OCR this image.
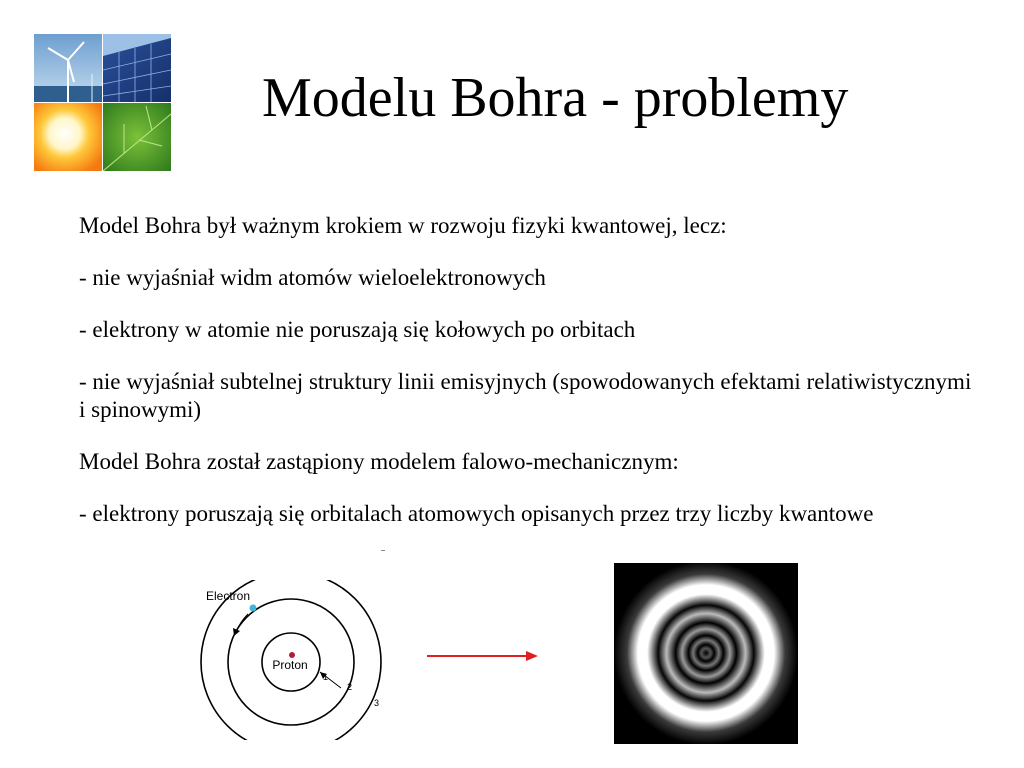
Modelu Bohra - problemy

Model Bohra był ważnym krokiem w rozwoju fizyki kwantowej, lecz:

- nie wyjaśniał widm atomów wieloelektronowych

- elektrony w atomie nie poruszają się kołowych po orbitach

- nie wyjaśniał subtelnej struktury linii emisyjnych (spowodowanych efektami relatiwistycznymi i spinowymi)

Model Bohra został zastąpiony modelem falowo-mechanicznym:

- elektrony poruszają się orbitalach atomowych opisanych przez trzy liczby kwantowe

Proton
Electron
1
2
3
